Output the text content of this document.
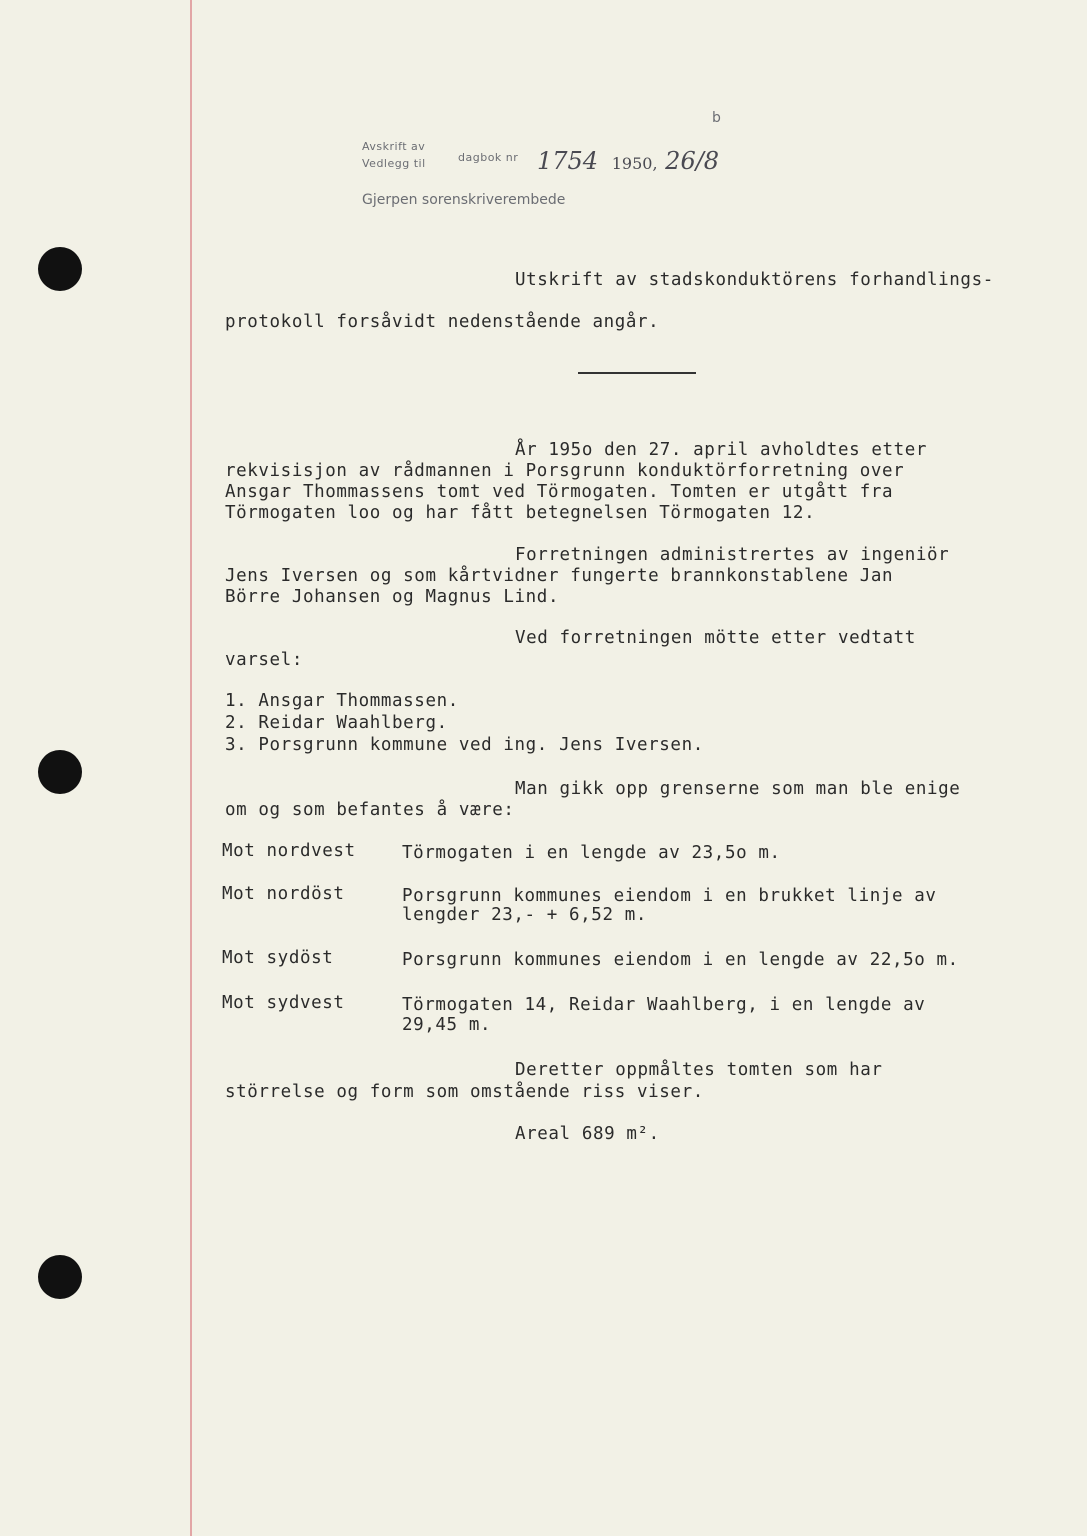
Avskrift av
Vedlegg til	dagbok nr 1754 1950, 26/8
b
Gjerpen sorenskriverembede
Utskrift av stadskonduktörens forhandlings-
protokoll forsåvidt nedenstående angår.
År 195o den 27. april avholdtes etter
rekvisisjon av rådmannen i Porsgrunn konduktörforretning over
Ansgar Thommassens tomt ved Törmogaten. Tomten er utgått fra
Törmogaten loo og har fått betegnelsen Törmogaten 12.
Forretningen administrertes av ingeniör
Jens Iversen og som kårtvidner fungerte brannkonstablene Jan
Börre Johansen og Magnus Lind.
Ved forretningen mötte etter vedtatt
varsel:
1. Ansgar Thommassen.
2. Reidar Waahlberg.
3. Porsgrunn kommune ved ing. Jens Iversen.
Man gikk opp grenserne som man ble enige
om og som befantes å være:
Mot nordvest	Törmogaten i en lengde av 23,5o m.
Mot nordöst	Porsgrunn kommunes eiendom i en brukket linje av
lengder 23,- + 6,52 m.
Mot sydöst	Porsgrunn kommunes eiendom i en lengde av 22,5o m.
Mot sydvest	Törmogaten 14, Reidar Waahlberg, i en lengde av
29,45 m.
Deretter oppmåltes tomten som har
störrelse og form som omstående riss viser.
Areal 689 m².
